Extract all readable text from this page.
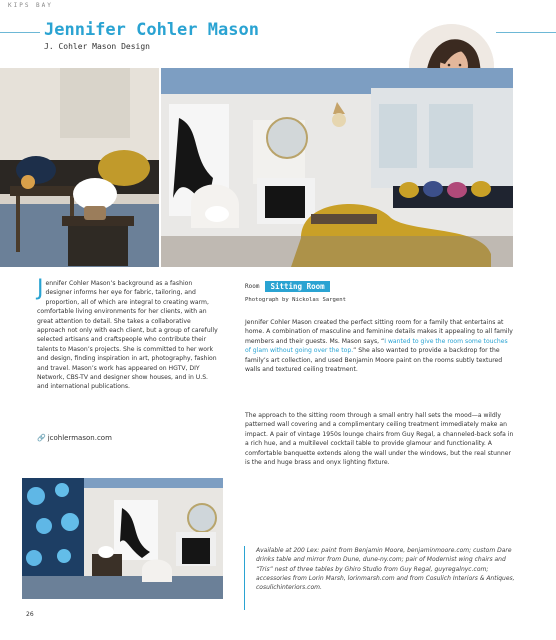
KIPS BAY
Jennifer Cohler Mason
J. Cohler Mason Design
Jennifer Cohler Mason’s background as a fashion designer informs her eye for fabric, tailoring, and proportion, all of which are integral to creating warm, comfortable living environments for her clients, with an great attention to detail. She takes a collaborative approach not only with each client, but a group of carefully selected artisans and craftspeople who contribute their talents to Mason’s projects. She is committed to her work and design, finding inspiration in art, photography, fashion and travel. Mason’s work has appeared on HGTV, DIY Network, CBS-TV and designer show houses, and in U.S. and international publications.
🔗 jcohlermason.com
Room	Sitting Room
Photograph by Nickolas Sargent
Jennifer Cohler Mason created the perfect sitting room for a family that entertains at home. A combination of masculine and feminine details makes it appealing to all family members and their guests. Ms. Mason says, “I wanted to give the room some touches of glam without going over the top.” She also wanted to provide a backdrop for the family’s art collection, and used Benjamin Moore paint on the rooms subtly textured walls and textured ceiling treatment.
The approach to the sitting room through a small entry hall sets the mood—a wildly patterned wall covering and a complimentary ceiling treatment immediately make an impact. A pair of vintage 1950s lounge chairs from Guy Regal, a channeled-back sofa in a rich hue, and a multilevel cocktail table to provide glamour and functionality. A comfortable banquette extends along the wall under the windows, but the real stunner is the and huge brass and onyx lighting fixture.
Available at 200 Lex: paint from Benjamin Moore, benjaminmoore.com; custom Dare drinks table and mirror from Dune, dune-ny.com; pair of Modernist wing chairs and “Tris” nest of three tables by Ghiro Studio from Guy Regal, guyregalnyc.com; accessories from Lorin Marsh, lorinmarsh.com and from Cosulich Interiors & Antiques, cosulichinteriors.com.
26
